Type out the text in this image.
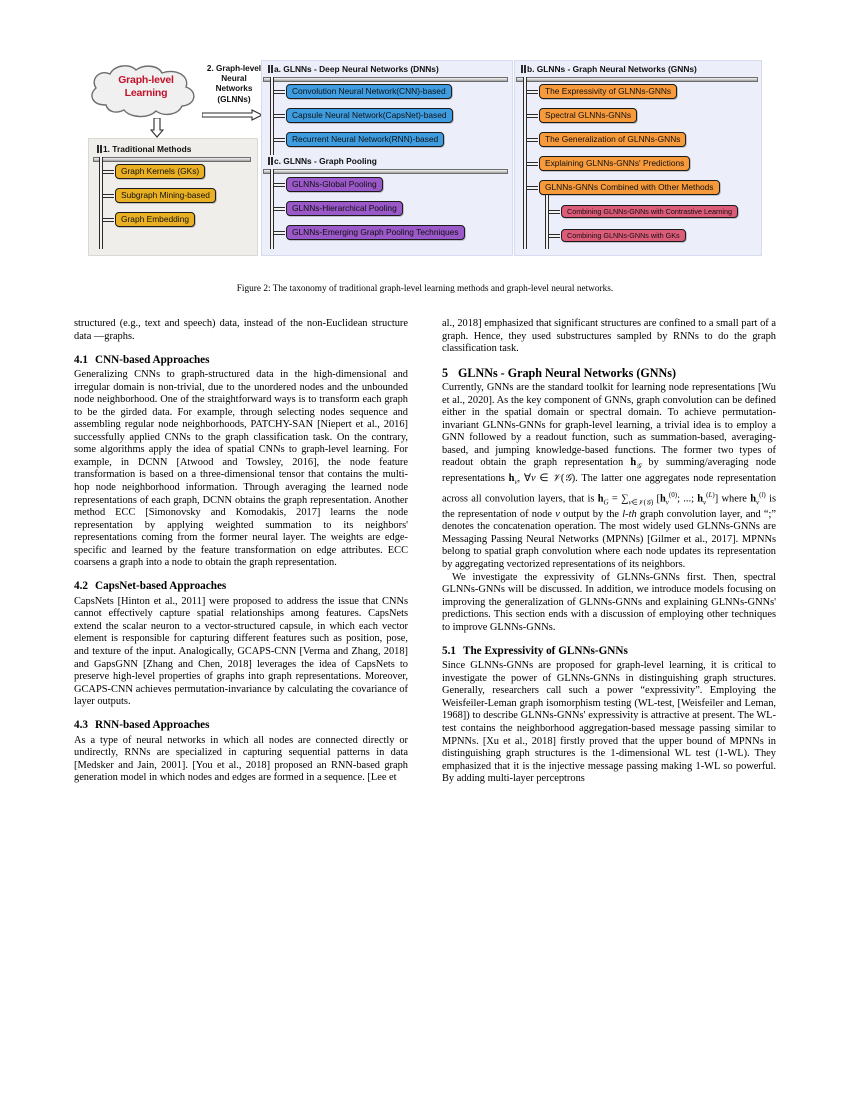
Graph-level
Learning
2. Graph-level
Neural
Networks
(GLNNs)
1. Traditional Methods
Graph Kernels (GKs)
Subgraph Mining-based
Graph Embedding
a. GLNNs - Deep Neural Networks (DNNs)
Convolution Neural Network(CNN)-based
Capsule Neural Network(CapsNet)-based
Recurrent Neural Network(RNN)-based
c. GLNNs - Graph Pooling
GLNNs-Global Pooling
GLNNs-Hierarchical Pooling
GLNNs-Emerging Graph Pooling Techniques
b. GLNNs - Graph Neural Networks (GNNs)
The Expressivity of GLNNs-GNNs
Spectral GLNNs-GNNs
The Generalization of GLNNs-GNNs
Explaining GLNNs-GNNs' Predictions
GLNNs-GNNs Combined with Other Methods
Combining GLNNs-GNNs with Contrastive Learning
Combining GLNNs-GNNs with GKs
Figure 2: The taxonomy of traditional graph-level learning methods and graph-level neural networks.

structured (e.g., text and speech) data, instead of the non-Euclidean structure data —graphs.

4.1 CNN-based Approaches

Generalizing CNNs to graph-structured data in the high-dimensional and irregular domain is non-trivial, due to the unordered nodes and the unbounded node neighborhood. One of the straightforward ways is to transform each graph to be the girded data. For example, through selecting nodes sequence and assembling regular node neighborhoods, PATCHY-SAN [Niepert et al., 2016] successfully applied CNNs to the graph classification task. On the contrary, some algorithms apply the idea of spatial CNNs to graph-level learning. For example, in DCNN [Atwood and Towsley, 2016], the node feature transformation is based on a three-dimensional tensor that contains the multi-hop node neighborhood information. Through averaging the learned node representations of each graph, DCNN obtains the graph representation. Another method ECC [Simonovsky and Komodakis, 2017] learns the node representation by applying weighted summation to its neighbors' representations coming from the former neural layer. The weights are edge-specific and learned by the feature transformation on edge attributes. ECC coarsens a graph into a node to obtain the graph representation.

4.2 CapsNet-based Approaches

CapsNets [Hinton et al., 2011] were proposed to address the issue that CNNs cannot effectively capture spatial relationships among features. CapsNets extend the scalar neuron to a vector-structured capsule, in which each vector element is responsible for capturing different features such as position, pose, and texture of the input. Analogically, GCAPS-CNN [Verma and Zhang, 2018] and GapsGNN [Zhang and Chen, 2018] leverages the idea of CapsNets to preserve high-level properties of graphs into graph representations. Moreover, GCAPS-CNN achieves permutation-invariance by calculating the covariance of layer outputs.

4.3 RNN-based Approaches

As a type of neural networks in which all nodes are connected directly or undirectly, RNNs are specialized in capturing sequential patterns in data [Medsker and Jain, 2001]. [You et al., 2018] proposed an RNN-based graph generation model in which nodes and edges are formed in a sequence. [Lee et

al., 2018] emphasized that significant structures are confined to a small part of a graph. Hence, they used substructures sampled by RNNs to do the graph classification task.

5 GLNNs - Graph Neural Networks (GNNs)

Currently, GNNs are the standard toolkit for learning node representations [Wu et al., 2020]. As the key component of GNNs, graph convolution can be defined either in the spatial domain or spectral domain. To achieve permutation-invariant GLNNs-GNNs for graph-level learning, a trivial idea is to employ a GNN followed by a readout function, such as summation-based, averaging-based, and jumping knowledge-based functions. The former two types of readout obtain the graph representation $h_𝒢$ by summing/averaging node representations $h_v$, ∀v ∈ 𝒱(𝒢). The latter one aggregates node representation across all convolution layers, that is $h_G = \sum_{v\in 𝒱(𝒢)}$ [$h_v^{(0)}$; ...; $h_v^{(L)}$] where $h_v^{(l)}$ is the representation of node v output by the l-th graph convolution layer, and “;” denotes the concatenation operation. The most widely used GLNNs-GNNs are Messaging Passing Neural Networks (MPNNs) [Gilmer et al., 2017]. MPNNs belong to spatial graph convolution where each node updates its representation by aggregating vectorized representations of its neighbors.

We investigate the expressivity of GLNNs-GNNs first. Then, spectral GLNNs-GNNs will be discussed. In addition, we introduce models focusing on improving the generalization of GLNNs-GNNs and explaining GLNNs-GNNs' predictions. This section ends with a discussion of employing other techniques to improve GLNNs-GNNs.

5.1 The Expressivity of GLNNs-GNNs

Since GLNNs-GNNs are proposed for graph-level learning, it is critical to investigate the power of GLNNs-GNNs in distinguishing graph structures. Generally, researchers call such a power “expressivity”. Employing the Weisfeiler-Leman graph isomorphism testing (WL-test, [Weisfeiler and Leman, 1968]) to describe GLNNs-GNNs' expressivity is attractive at present. The WL-test contains the neighborhood aggregation-based message passing similar to MPNNs. [Xu et al., 2018] firstly proved that the upper bound of MPNNs in distinguishing graph structures is the 1-dimensional WL test (1-WL). They emphasized that it is the injective message passing making 1-WL so powerful. By adding multi-layer perceptrons
